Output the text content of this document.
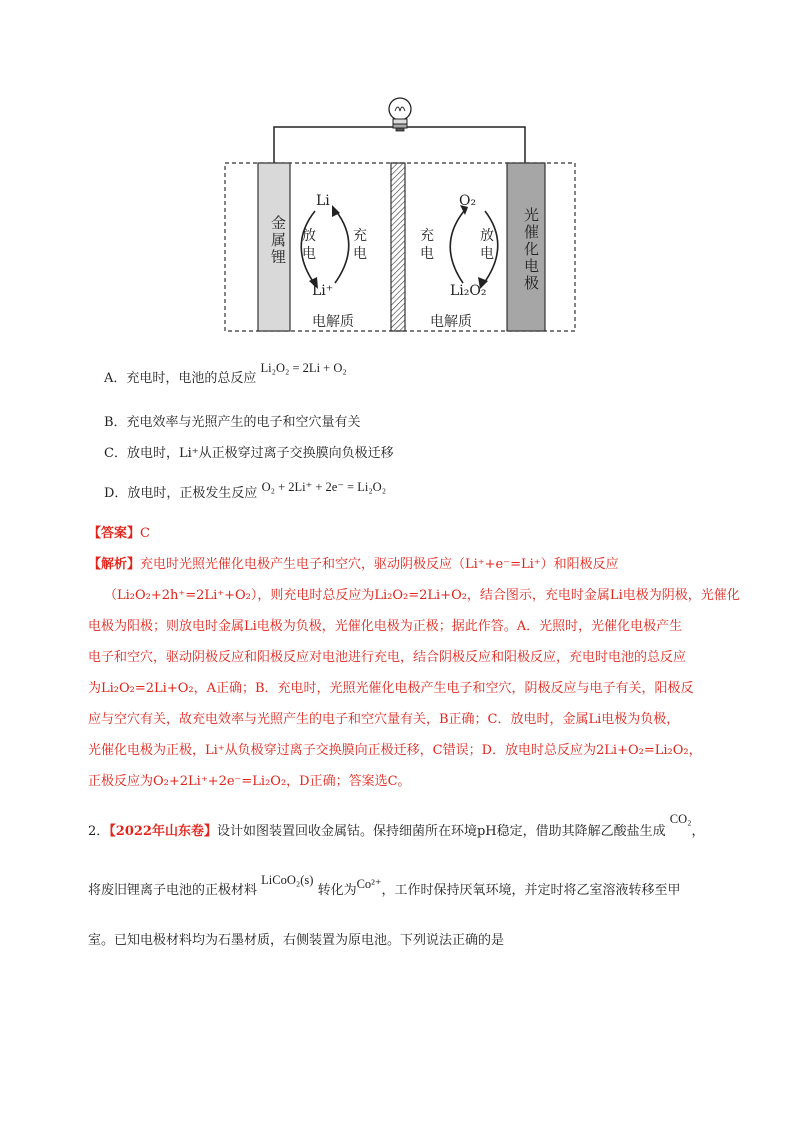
金属锂	光催化电极
Li
Li⁺
放电
充电
电解质
O₂
Li₂O₂
充电
放电
电解质
A．充电时，电池的总反应 Li₂O₂ = 2Li + O₂
B．充电效率与光照产生的电子和空穴量有关
C．放电时，Li⁺从正极穿过离子交换膜向负极迁移
D．放电时，正极发生反应 O₂ + 2Li⁺ + 2e⁻ = Li₂O₂
【答案】C
【解析】充电时光照光催化电极产生电子和空穴，驱动阴极反应（Li⁺+e⁻=Li⁺）和阳极反应
（Li₂O₂+2h⁺=2Li⁺+O₂），则充电时总反应为Li₂O₂=2Li+O₂，结合图示，充电时金属Li电极为阴极，光催化
电极为阳极；则放电时金属Li电极为负极，光催化电极为正极；据此作答。A．光照时，光催化电极产生
电子和空穴，驱动阴极反应和阳极反应对电池进行充电，结合阴极反应和阳极反应，充电时电池的总反应
为Li₂O₂=2Li+O₂，A正确；B．充电时，光照光催化电极产生电子和空穴，阴极反应与电子有关，阳极反
应与空穴有关，故充电效率与光照产生的电子和空穴量有关，B正确；C．放电时，金属Li电极为负极，
光催化电极为正极，Li⁺从负极穿过离子交换膜向正极迁移，C错误；D．放电时总反应为2Li+O₂=Li₂O₂，
正极反应为O₂+2Li⁺+2e⁻=Li₂O₂，D正确；答案选C。
2．【2022年山东卷】设计如图装置回收金属钴。保持细菌所在环境pH稳定，借助其降解乙酸盐生成 CO₂，
将废旧锂离子电池的正极材料 LiCoO₂(s) 转化为Co²⁺，工作时保持厌氧环境，并定时将乙室溶液转移至甲
室。已知电极材料均为石墨材质，右侧装置为原电池。下列说法正确的是
